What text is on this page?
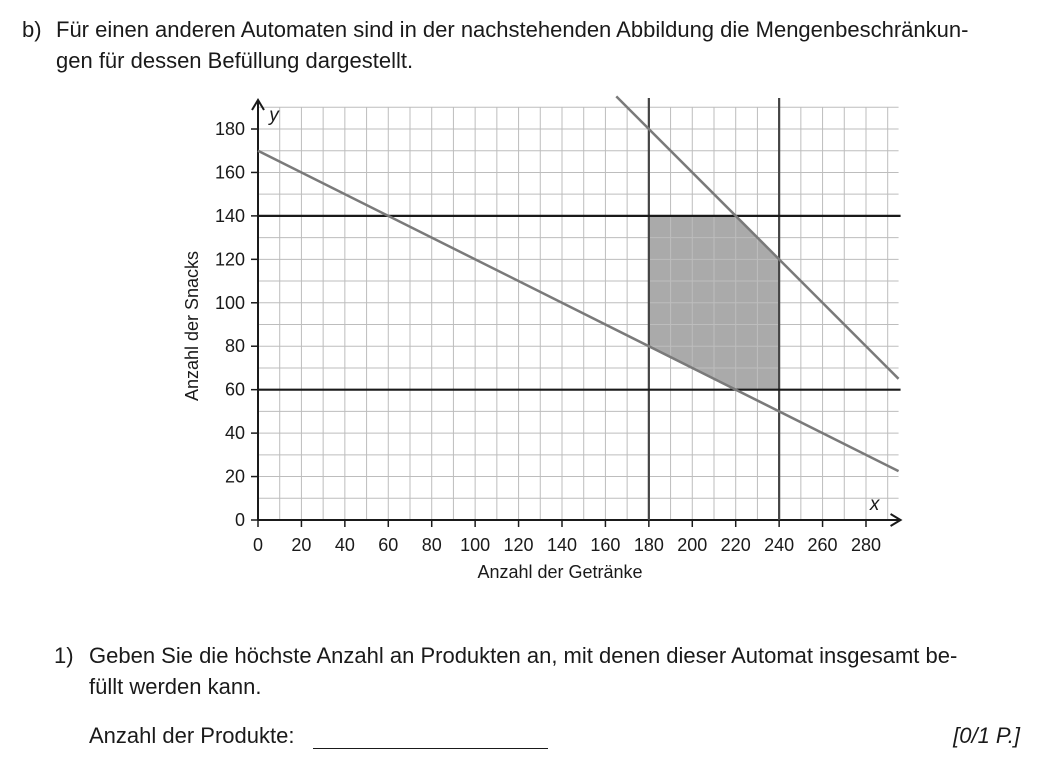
b) Für einen anderen Automaten sind in der nachstehenden Abbildung die Mengenbeschränkun-
gen für dessen Befüllung dargestellt.
0 20 40 60 80 100 120 140 160 180 200 220 240 260 280
0
20
40
60
80
100
120
140
160
180
x
y
Anzahl der Getränke
Anzahl der Snacks
1) Geben Sie die höchste Anzahl an Produkten an, mit denen dieser Automat insgesamt be-
füllt werden kann.
Anzahl der Produkte:	[0/1 P.]
